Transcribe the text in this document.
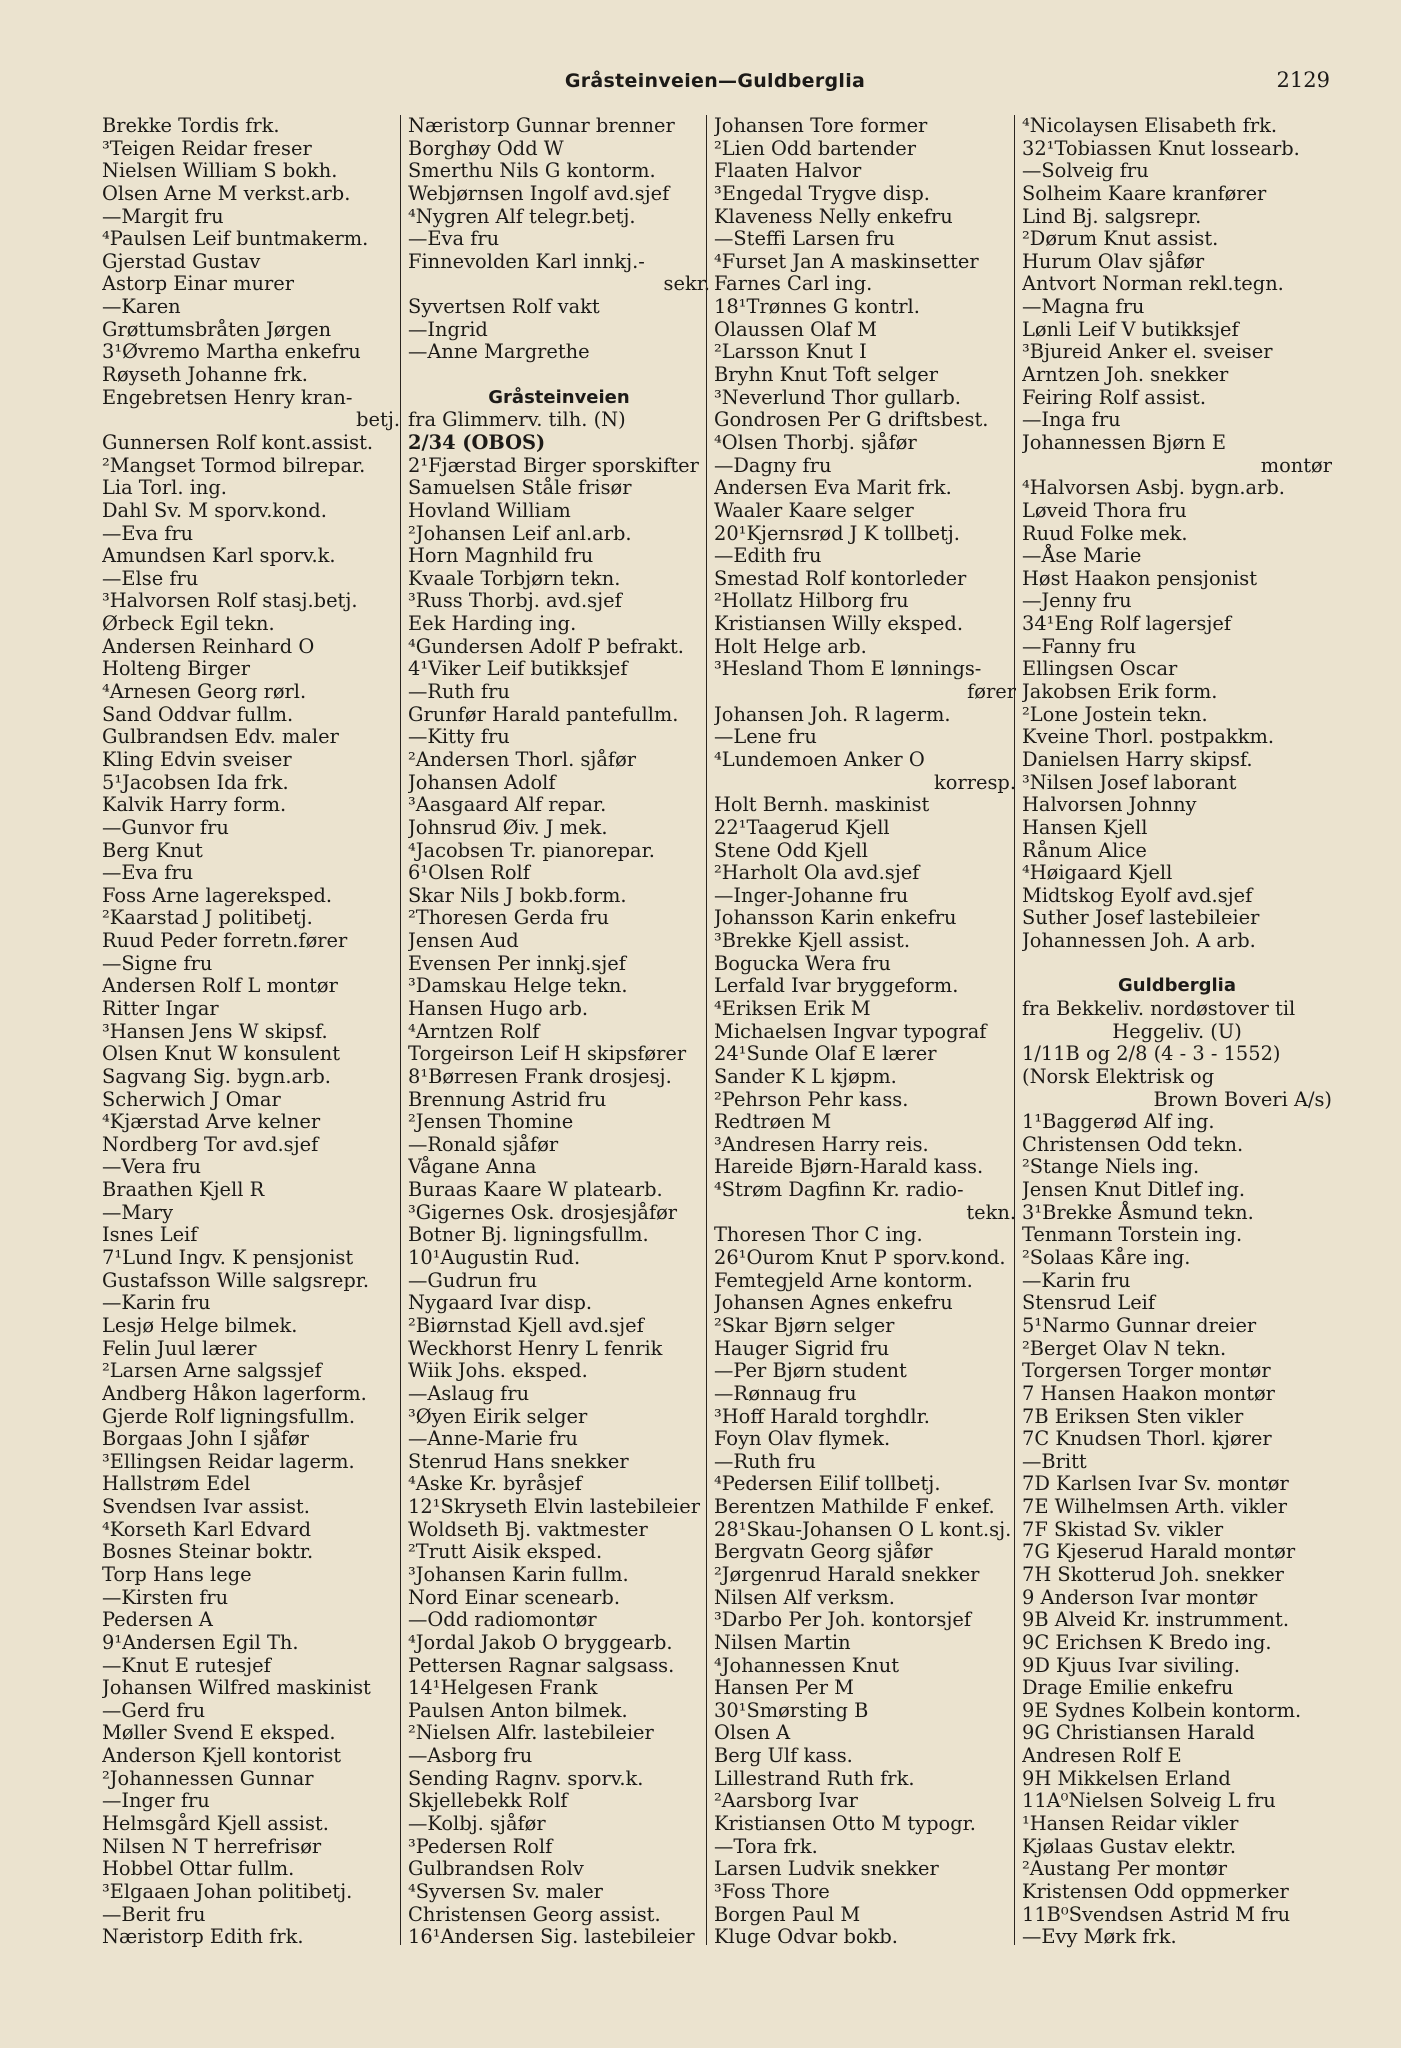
Gråsteinveien—Guldberglia	2129
Brekke Tordis frk.
³Teigen Reidar freser
Nielsen William S bokh.
Olsen Arne M verkst.arb.
—Margit fru
⁴Paulsen Leif buntmakerm.
Gjerstad Gustav
Astorp Einar murer
—Karen
Grøttumsbråten Jørgen
3¹Øvremo Martha enkefru
Røyseth Johanne frk.
Engebretsen Henry kran-
betj.
Gunnersen Rolf kont.assist.
²Mangset Tormod bilrepar.
Lia Torl. ing.
Dahl Sv. M sporv.kond.
—Eva fru
Amundsen Karl sporv.k.
—Else fru
³Halvorsen Rolf stasj.betj.
Ørbeck Egil tekn.
Andersen Reinhard O
Holteng Birger
⁴Arnesen Georg rørl.
Sand Oddvar fullm.
Gulbrandsen Edv. maler
Kling Edvin sveiser
5¹Jacobsen Ida frk.
Kalvik Harry form.
—Gunvor fru
Berg Knut
—Eva fru
Foss Arne lagereksped.
²Kaarstad J politibetj.
Ruud Peder forretn.fører
—Signe fru
Andersen Rolf L montør
Ritter Ingar
³Hansen Jens W skipsf.
Olsen Knut W konsulent
Sagvang Sig. bygn.arb.
Scherwich J Omar
⁴Kjærstad Arve kelner
Nordberg Tor avd.sjef
—Vera fru
Braathen Kjell R
—Mary
Isnes Leif
7¹Lund Ingv. K pensjonist
Gustafsson Wille salgsrepr.
—Karin fru
Lesjø Helge bilmek.
Felin Juul lærer
²Larsen Arne salgssjef
Andberg Håkon lagerform.
Gjerde Rolf ligningsfullm.
Borgaas John I sjåfør
³Ellingsen Reidar lagerm.
Hallstrøm Edel
Svendsen Ivar assist.
⁴Korseth Karl Edvard
Bosnes Steinar boktr.
Torp Hans lege
—Kirsten fru
Pedersen A
9¹Andersen Egil Th.
—Knut E rutesjef
Johansen Wilfred maskinist
—Gerd fru
Møller Svend E eksped.
Anderson Kjell kontorist
²Johannessen Gunnar
—Inger fru
Helmsgård Kjell assist.
Nilsen N T herrefrisør
Hobbel Ottar fullm.
³Elgaaen Johan politibetj.
—Berit fru
Næristorp Edith frk.
Næristorp Gunnar brenner
Borghøy Odd W
Smerthu Nils G kontorm.
Webjørnsen Ingolf avd.sjef
⁴Nygren Alf telegr.betj.
—Eva fru
Finnevolden Karl innkj.-
sekr.
Syvertsen Rolf vakt
—Ingrid
—Anne Margrethe
Gråsteinveien
fra Glimmerv. tilh. (N)
2/34 (OBOS)
2¹Fjærstad Birger sporskifter
Samuelsen Ståle frisør
Hovland William
²Johansen Leif anl.arb.
Horn Magnhild fru
Kvaale Torbjørn tekn.
³Russ Thorbj. avd.sjef
Eek Harding ing.
⁴Gundersen Adolf P befrakt.
4¹Viker Leif butikksjef
—Ruth fru
Grunfør Harald pantefullm.
—Kitty fru
²Andersen Thorl. sjåfør
Johansen Adolf
³Aasgaard Alf repar.
Johnsrud Øiv. J mek.
⁴Jacobsen Tr. pianorepar.
6¹Olsen Rolf
Skar Nils J bokb.form.
²Thoresen Gerda fru
Jensen Aud
Evensen Per innkj.sjef
³Damskau Helge tekn.
Hansen Hugo arb.
⁴Arntzen Rolf
Torgeirson Leif H skipsfører
8¹Børresen Frank drosjesj.
Brennung Astrid fru
²Jensen Thomine
—Ronald sjåfør
Vågane Anna
Buraas Kaare W platearb.
³Gigernes Osk. drosjesjåfør
Botner Bj. ligningsfullm.
10¹Augustin Rud.
—Gudrun fru
Nygaard Ivar disp.
²Biørnstad Kjell avd.sjef
Weckhorst Henry L fenrik
Wiik Johs. eksped.
—Aslaug fru
³Øyen Eirik selger
—Anne-Marie fru
Stenrud Hans snekker
⁴Aske Kr. byråsjef
12¹Skryseth Elvin lastebileier
Woldseth Bj. vaktmester
²Trutt Aisik eksped.
³Johansen Karin fullm.
Nord Einar scenearb.
—Odd radiomontør
⁴Jordal Jakob O bryggearb.
Pettersen Ragnar salgsass.
14¹Helgesen Frank
Paulsen Anton bilmek.
²Nielsen Alfr. lastebileier
—Asborg fru
Sending Ragnv. sporv.k.
Skjellebekk Rolf
—Kolbj. sjåfør
³Pedersen Rolf
Gulbrandsen Rolv
⁴Syversen Sv. maler
Christensen Georg assist.
16¹Andersen Sig. lastebileier
Johansen Tore former
²Lien Odd bartender
Flaaten Halvor
³Engedal Trygve disp.
Klaveness Nelly enkefru
—Steffi Larsen fru
⁴Furset Jan A maskinsetter
Farnes Carl ing.
18¹Trønnes G kontrl.
Olaussen Olaf M
²Larsson Knut I
Bryhn Knut Toft selger
³Neverlund Thor gullarb.
Gondrosen Per G driftsbest.
⁴Olsen Thorbj. sjåfør
—Dagny fru
Andersen Eva Marit frk.
Waaler Kaare selger
20¹Kjernsrød J K tollbetj.
—Edith fru
Smestad Rolf kontorleder
²Hollatz Hilborg fru
Kristiansen Willy eksped.
Holt Helge arb.
³Hesland Thom E lønnings-
fører
Johansen Joh. R lagerm.
—Lene fru
⁴Lundemoen Anker O
korresp.
Holt Bernh. maskinist
22¹Taagerud Kjell
Stene Odd Kjell
²Harholt Ola avd.sjef
—Inger-Johanne fru
Johansson Karin enkefru
³Brekke Kjell assist.
Bogucka Wera fru
Lerfald Ivar bryggeform.
⁴Eriksen Erik M
Michaelsen Ingvar typograf
24¹Sunde Olaf E lærer
Sander K L kjøpm.
²Pehrson Pehr kass.
Redtrøen M
³Andresen Harry reis.
Hareide Bjørn-Harald kass.
⁴Strøm Dagfinn Kr. radio-
tekn.
Thoresen Thor C ing.
26¹Ourom Knut P sporv.kond.
Femtegjeld Arne kontorm.
Johansen Agnes enkefru
²Skar Bjørn selger
Hauger Sigrid fru
—Per Bjørn student
—Rønnaug fru
³Hoff Harald torghdlr.
Foyn Olav flymek.
—Ruth fru
⁴Pedersen Eilif tollbetj.
Berentzen Mathilde F enkef.
28¹Skau-Johansen O L kont.sj.
Bergvatn Georg sjåfør
²Jørgenrud Harald snekker
Nilsen Alf verksm.
³Darbo Per Joh. kontorsjef
Nilsen Martin
⁴Johannessen Knut
Hansen Per M
30¹Smørsting B
Olsen A
Berg Ulf kass.
Lillestrand Ruth frk.
²Aarsborg Ivar
Kristiansen Otto M typogr.
—Tora frk.
Larsen Ludvik snekker
³Foss Thore
Borgen Paul M
Kluge Odvar bokb.
⁴Nicolaysen Elisabeth frk.
32¹Tobiassen Knut lossearb.
—Solveig fru
Solheim Kaare kranfører
Lind Bj. salgsrepr.
²Dørum Knut assist.
Hurum Olav sjåfør
Antvort Norman rekl.tegn.
—Magna fru
Lønli Leif V butikksjef
³Bjureid Anker el. sveiser
Arntzen Joh. snekker
Feiring Rolf assist.
—Inga fru
Johannessen Bjørn E
montør
⁴Halvorsen Asbj. bygn.arb.
Løveid Thora fru
Ruud Folke mek.
—Åse Marie
Høst Haakon pensjonist
—Jenny fru
34¹Eng Rolf lagersjef
—Fanny fru
Ellingsen Oscar
Jakobsen Erik form.
²Lone Jostein tekn.
Kveine Thorl. postpakkm.
Danielsen Harry skipsf.
³Nilsen Josef laborant
Halvorsen Johnny
Hansen Kjell
Rånum Alice
⁴Høigaard Kjell
Midtskog Eyolf avd.sjef
Suther Josef lastebileier
Johannessen Joh. A arb.
Guldberglia
fra Bekkeliv. nordøstover til
Heggeliv. (U)
1/11B og 2/8 (4 - 3 - 1552)
(Norsk Elektrisk og
Brown Boveri A/s)
1¹Baggerød Alf ing.
Christensen Odd tekn.
²Stange Niels ing.
Jensen Knut Ditlef ing.
3¹Brekke Åsmund tekn.
Tenmann Torstein ing.
²Solaas Kåre ing.
—Karin fru
Stensrud Leif
5¹Narmo Gunnar dreier
²Berget Olav N tekn.
Torgersen Torger montør
7 Hansen Haakon montør
7B Eriksen Sten vikler
7C Knudsen Thorl. kjører
—Britt
7D Karlsen Ivar Sv. montør
7E Wilhelmsen Arth. vikler
7F Skistad Sv. vikler
7G Kjeserud Harald montør
7H Skotterud Joh. snekker
9 Anderson Ivar montør
9B Alveid Kr. instrumment.
9C Erichsen K Bredo ing.
9D Kjuus Ivar siviling.
Drage Emilie enkefru
9E Sydnes Kolbein kontorm.
9G Christiansen Harald
Andresen Rolf E
9H Mikkelsen Erland
11A⁰Nielsen Solveig L fru
¹Hansen Reidar vikler
Kjølaas Gustav elektr.
²Austang Per montør
Kristensen Odd oppmerker
11B⁰Svendsen Astrid M fru
—Evy Mørk frk.
